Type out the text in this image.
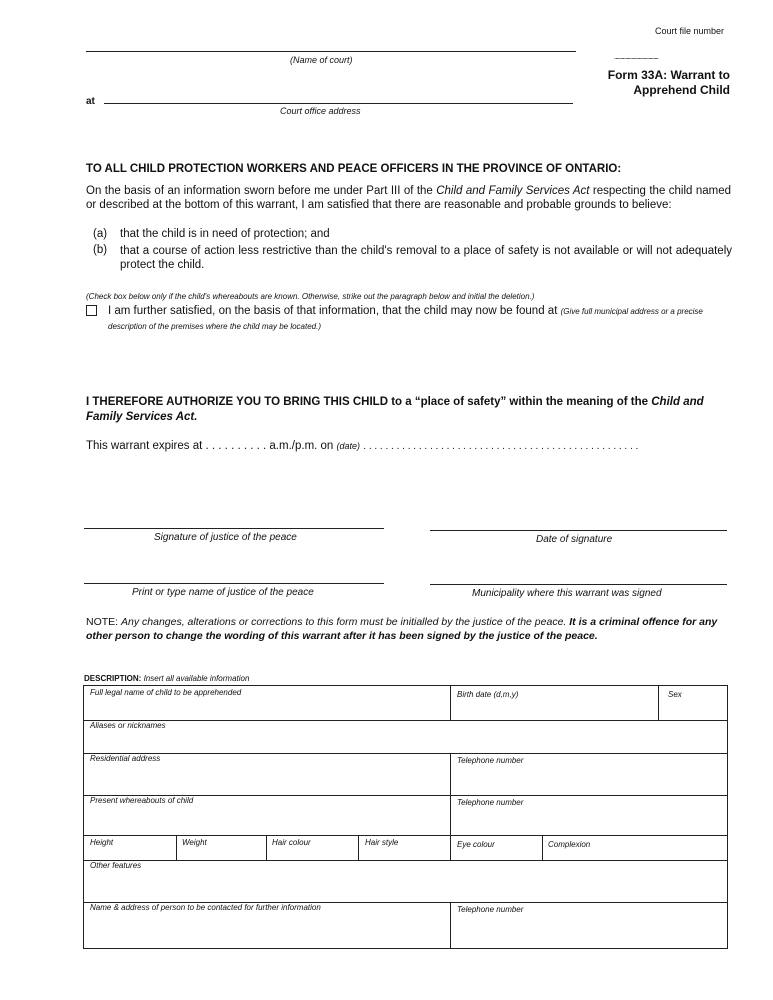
Court file number
....................................
(Name of court)
at
Court office address
Form 33A: Warrant to
Apprehend Child
TO ALL CHILD PROTECTION WORKERS AND PEACE OFFICERS IN THE PROVINCE OF ONTARIO:

On the basis of an information sworn before me under Part III of the Child and Family Services Act respecting the child named or described at the bottom of this warrant, I am satisfied that there are reasonable and probable grounds to believe:

(a) that the child is in need of protection; and
(b) that a course of action less restrictive than the child's removal to a place of safety is not available or will not adequately protect the child.
(Check box below only if the child's whereabouts are known. Otherwise, strike out the paragraph below and initial the deletion.)
I am further satisfied, on the basis of that information, that the child may now be found at (Give full municipal address or a precise description of the premises where the child may be located.)

I THEREFORE AUTHORIZE YOU TO BRING THIS CHILD to a “place of safety” within the meaning of the Child and Family Services Act.

This warrant expires at . . . . . . . . . . a.m./p.m. on (date) . . . . . . . . . . . . . . . . . . . . . . . . . . . . . . . . . . . . . . . . . . . . . . . . . .
Signature of justice of the peace	Date of signature
Print or type name of justice of the peace	Municipality where this warrant was signed

NOTE: Any changes, alterations or corrections to this form must be initialled by the justice of the peace. It is a criminal offence for any other person to change the wording of this warrant after it has been signed by the justice of the peace.

DESCRIPTION: Insert all available information
Full legal name of child to be apprehended	Birth date (d,m,y)	Sex
Aliases or nicknames
Residential address	Telephone number
Present whereabouts of child	Telephone number
Height	Weight	Hair colour	Hair style	Eye colour	Complexion
Other features
Name & address of person to be contacted for further information	Telephone number
